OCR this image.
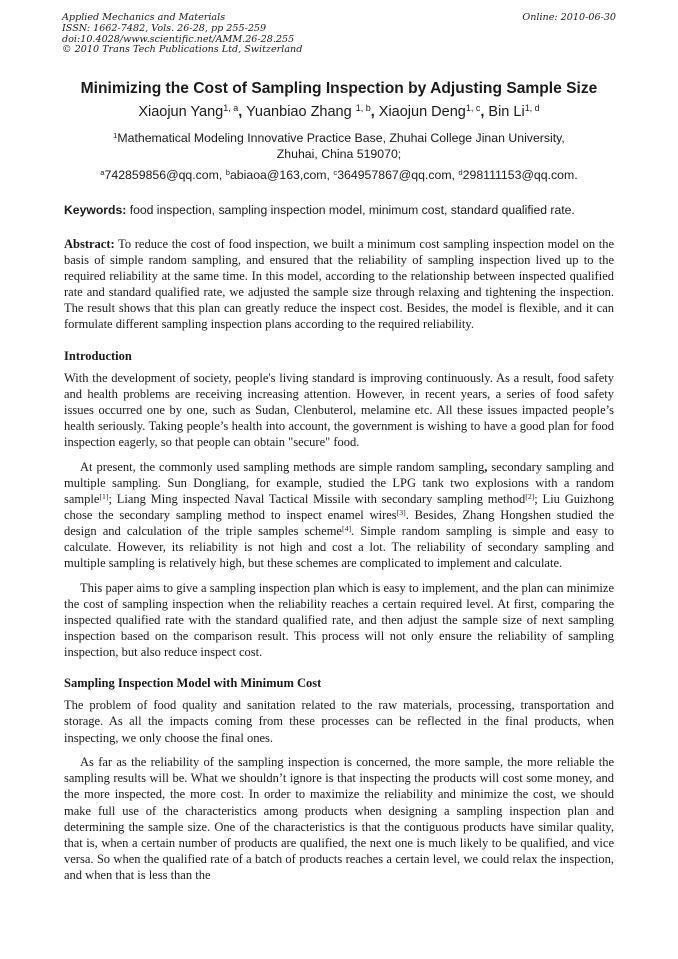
Applied Mechanics and Materials
ISSN: 1662-7482, Vols. 26-28, pp 255-259
doi:10.4028/www.scientific.net/AMM.26-28.255
© 2010 Trans Tech Publications Ltd, Switzerland
Online: 2010-06-30
Minimizing the Cost of Sampling Inspection by Adjusting Sample Size
Xiaojun Yang$^{1, a}$, Yuanbiao Zhang $^{1, b}$, Xiaojun Deng$^{1, c}$, Bin Li$^{1, d}$
$^1$Mathematical Modeling Innovative Practice Base, Zhuhai College Jinan University,
Zhuhai, China 519070;
$^a$742859856@qq.com, $^b$abiaoa@163,com, $^c$364957867@qq.com, $^d$298111153@qq.com.
Keywords: food inspection, sampling inspection model, minimum cost, standard qualified rate.

Abstract: To reduce the cost of food inspection, we built a minimum cost sampling inspection model on the basis of simple random sampling, and ensured that the reliability of sampling inspection lived up to the required reliability at the same time. In this model, according to the relationship between inspected qualified rate and standard qualified rate, we adjusted the sample size through relaxing and tightening the inspection. The result shows that this plan can greatly reduce the inspect cost. Besides, the model is flexible, and it can formulate different sampling inspection plans according to the required reliability.

Introduction

With the development of society, people's living standard is improving continuously. As a result, food safety and health problems are receiving increasing attention. However, in recent years, a series of food safety issues occurred one by one, such as Sudan, Clenbuterol, melamine etc. All these issues impacted people’s health seriously. Taking people’s health into account, the government is wishing to have a good plan for food inspection eagerly, so that people can obtain "secure" food.

At present, the commonly used sampling methods are simple random sampling, secondary sampling and multiple sampling. Sun Dongliang, for example, studied the LPG tank two explosions with a random sample[1]; Liang Ming inspected Naval Tactical Missile with secondary sampling method[2]; Liu Guizhong chose the secondary sampling method to inspect enamel wires[3]. Besides, Zhang Hongshen studied the design and calculation of the triple samples scheme[4]. Simple random sampling is simple and easy to calculate. However, its reliability is not high and cost a lot. The reliability of secondary sampling and multiple sampling is relatively high, but these schemes are complicated to implement and calculate.

This paper aims to give a sampling inspection plan which is easy to implement, and the plan can minimize the cost of sampling inspection when the reliability reaches a certain required level. At first, comparing the inspected qualified rate with the standard qualified rate, and then adjust the sample size of next sampling inspection based on the comparison result. This process will not only ensure the reliability of sampling inspection, but also reduce inspect cost.

Sampling Inspection Model with Minimum Cost

The problem of food quality and sanitation related to the raw materials, processing, transportation and storage. As all the impacts coming from these processes can be reflected in the final products, when inspecting, we only choose the final ones.

As far as the reliability of the sampling inspection is concerned, the more sample, the more reliable the sampling results will be. What we shouldn’t ignore is that inspecting the products will cost some money, and the more inspected, the more cost. In order to maximize the reliability and minimize the cost, we should make full use of the characteristics among products when designing a sampling inspection plan and determining the sample size. One of the characteristics is that the contiguous products have similar quality, that is, when a certain number of products are qualified, the next one is much likely to be qualified, and vice versa. So when the qualified rate of a batch of products reaches a certain level, we could relax the inspection, and when that is less than the
